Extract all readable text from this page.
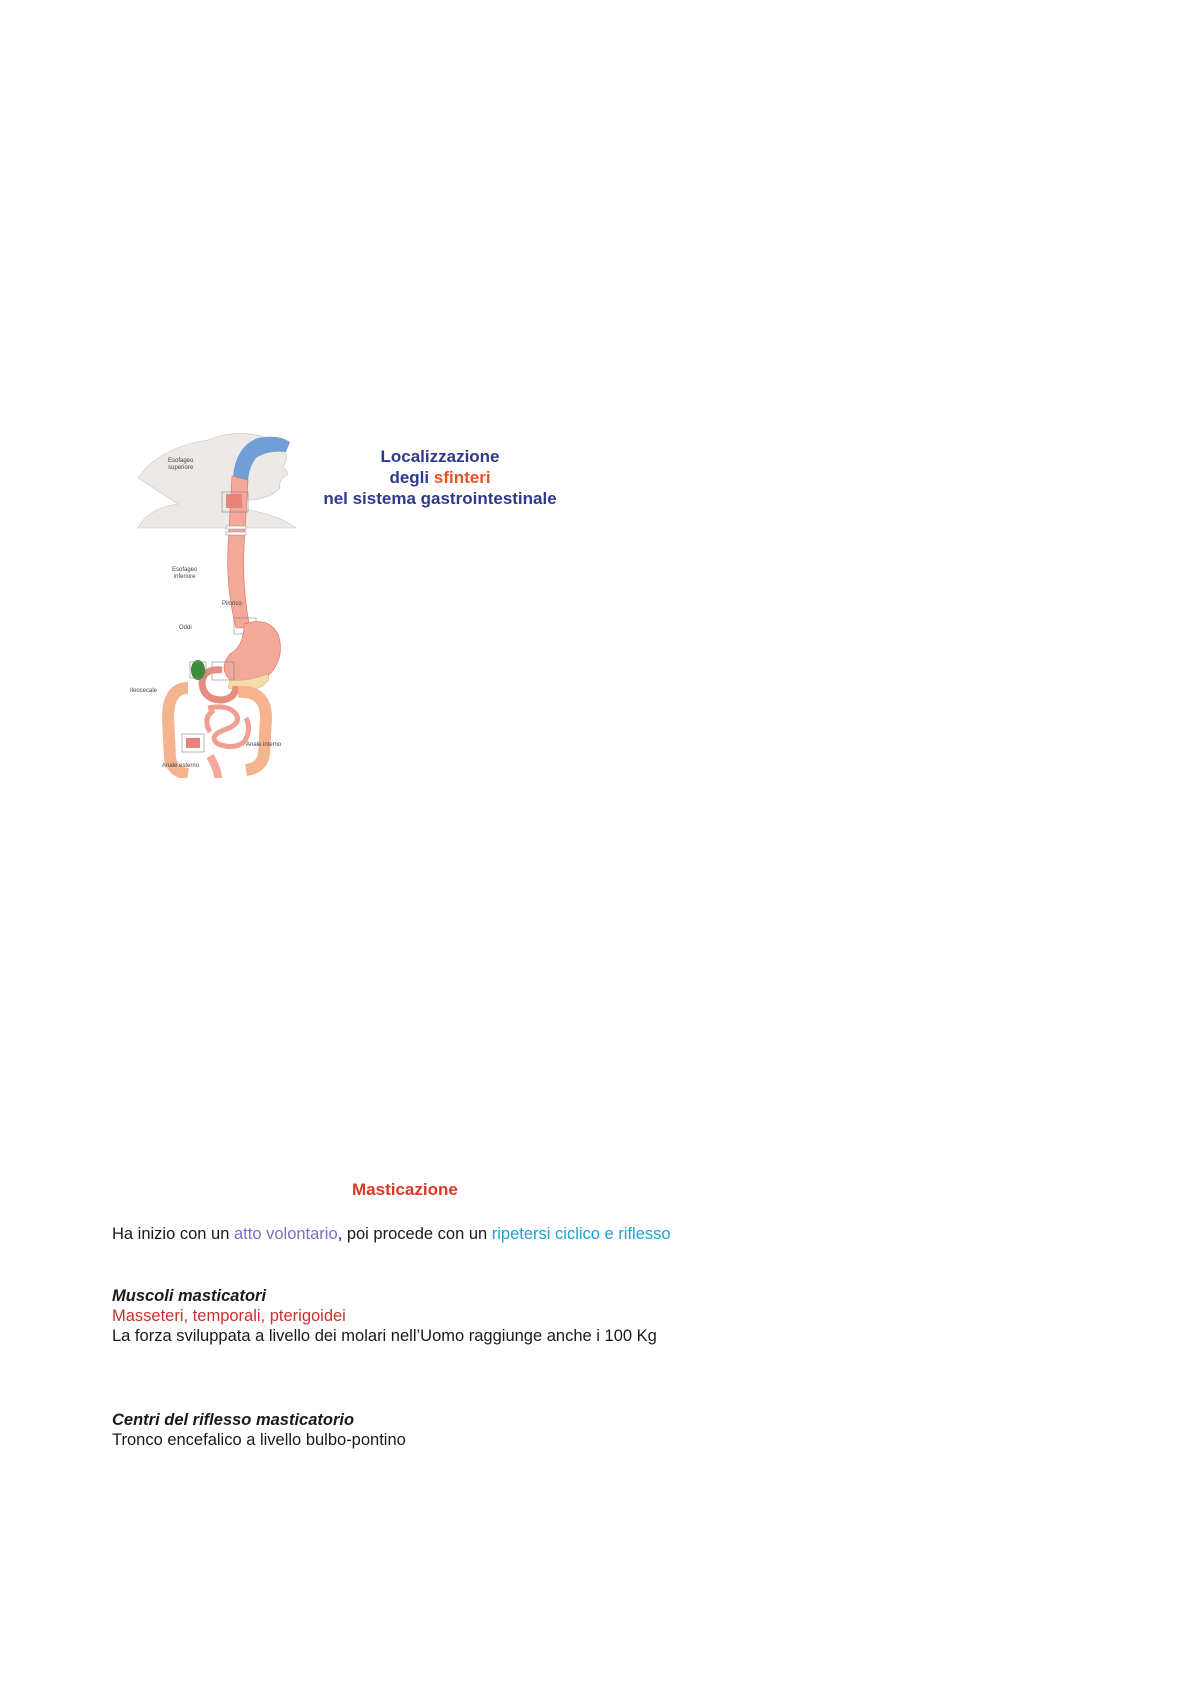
Esofageo
superiore
Esofageo
inferiore
Pilorico
Oddi
Ileocecale
Anale interno
Anale esterno
Localizzazione
degli sfinteri
nel sistema gastrointestinale
Masticazione
Ha inizio con un atto volontario, poi procede con un ripetersi ciclico e riflesso
Muscoli masticatori
Masseteri, temporali, pterigoidei
La forza sviluppata a livello dei molari nell’Uomo raggiunge anche i 100 Kg
Centri del riflesso masticatorio
Tronco encefalico a livello bulbo-pontino
